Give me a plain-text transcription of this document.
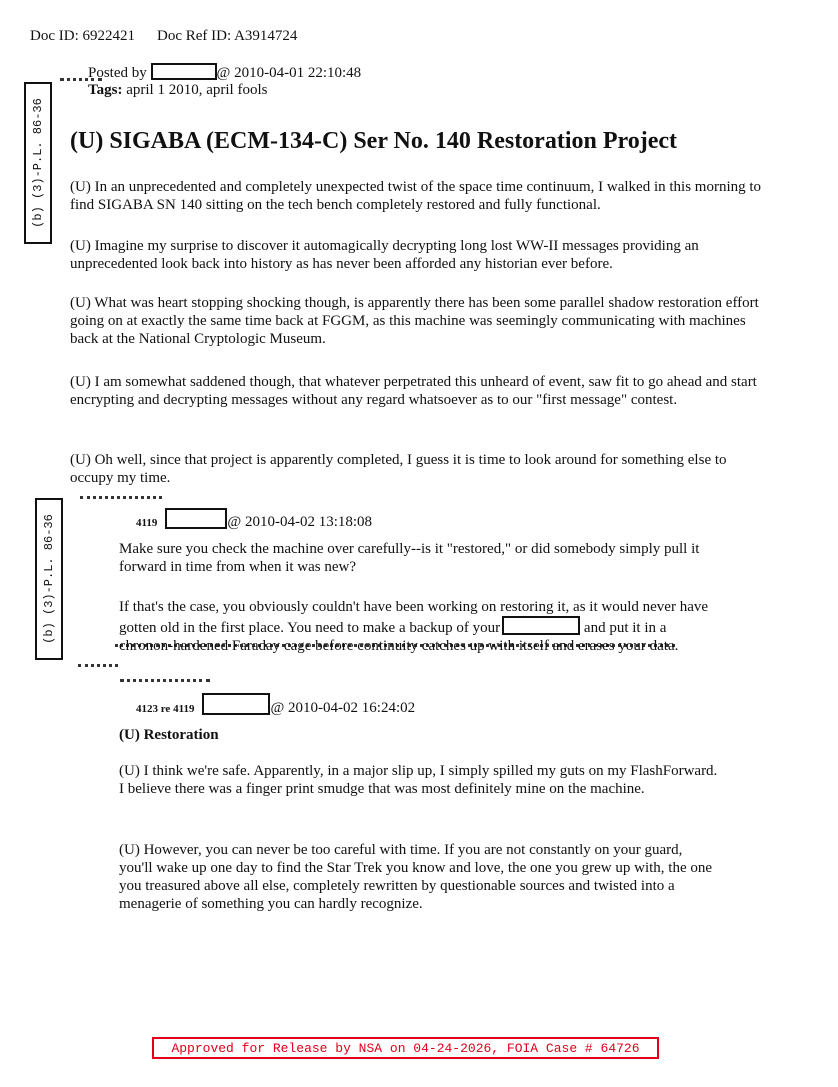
Doc ID: 6922421 Doc Ref ID: A3914724
(b) (3)-P.L. 86-36
(b) (3)-P.L. 86-36
Posted by	@ 2010-04-01 22:10:48
Tags: april 1 2010, april fools
(U) SIGABA (ECM-134-C) Ser No. 140 Restoration Project
(U) In an unprecedented and completely unexpected twist of the space time continuum, I walked in this morning to find SIGABA SN 140 sitting on the tech bench completely restored and fully functional.
(U) Imagine my surprise to discover it automagically decrypting long lost WW-II messages providing an unprecedented look back into history as has never been afforded any historian ever before.
(U) What was heart stopping shocking though, is apparently there has been some parallel shadow restoration effort going on at exactly the same time back at FGGM, as this machine was seemingly communicating with machines back at the National Cryptologic Museum.
(U) I am somewhat saddened though, that whatever perpetrated this unheard of event, saw fit to go ahead and start encrypting and decrypting messages without any regard whatsoever as to our "first message" contest.
(U) Oh well, since that project is apparently completed, I guess it is time to look around for something else to occupy my time.
4119	@ 2010-04-02 13:18:08
Make sure you check the machine over carefully--is it "restored," or did somebody simply pull it forward in time from when it was new?
If that's the case, you obviously couldn't have been working on restoring it, as it would never have gotten old in the first place. You need to make a backup of your	and put it in a chronon-hardened Faraday cage before continuity catches up with itself and erases your data.
4123 re 4119	@ 2010-04-02 16:24:02
(U) Restoration
(U) I think we're safe. Apparently, in a major slip up, I simply spilled my guts on my FlashForward. I believe there was a finger print smudge that was most definitely mine on the machine.
(U) However, you can never be too careful with time. If you are not constantly on your guard, you'll wake up one day to find the Star Trek you know and love, the one you grew up with, the one you treasured above all else, completely rewritten by questionable sources and twisted into a menagerie of something you can hardly recognize.
Approved for Release by NSA on 04-24-2026, FOIA Case # 64726
